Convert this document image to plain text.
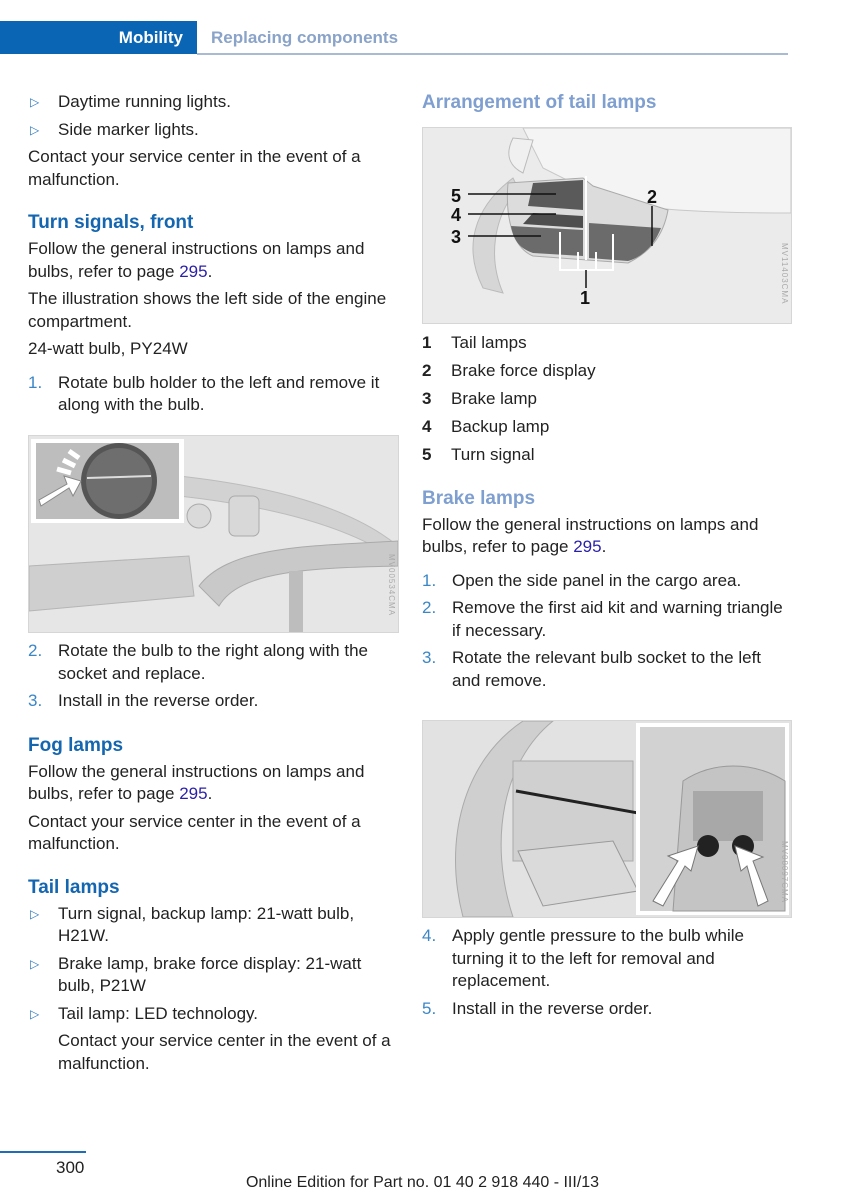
Mobility Replacing components

▷ Daytime running lights.

▷ Side marker lights.

Contact your service center in the event of a malfunction.

Turn signals, front

Follow the general instructions on lamps and bulbs, refer to page 295.

The illustration shows the left side of the engine compartment.

24-watt bulb, PY24W

1. Rotate bulb holder to the left and remove it along with the bulb.

MV00534CMA

2. Rotate the bulb to the right along with the socket and replace.

3. Install in the reverse order.

Fog lamps

Follow the general instructions on lamps and bulbs, refer to page 295.

Contact your service center in the event of a malfunction.

Tail lamps

▷ Turn signal, backup lamp: 21-watt bulb, H21W.

▷ Brake lamp, brake force display: 21-watt bulb, P21W

▷ Tail lamp: LED technology.

Contact your service center in the event of a malfunction.

Arrangement of tail lamps

5
4
3
2
1	MV11403CMA

1 Tail lamps

2 Brake force display

3 Brake lamp

4 Backup lamp

5 Turn signal

Brake lamps

Follow the general instructions on lamps and bulbs, refer to page 295.

1. Open the side panel in the cargo area.

2. Remove the first aid kit and warning triangle if necessary.

3. Rotate the relevant bulb socket to the left and remove.

MV08097CMA

4. Apply gentle pressure to the bulb while turning it to the left for removal and replacement.

5. Install in the reverse order.

300
Online Edition for Part no. 01 40 2 918 440 - III/13
